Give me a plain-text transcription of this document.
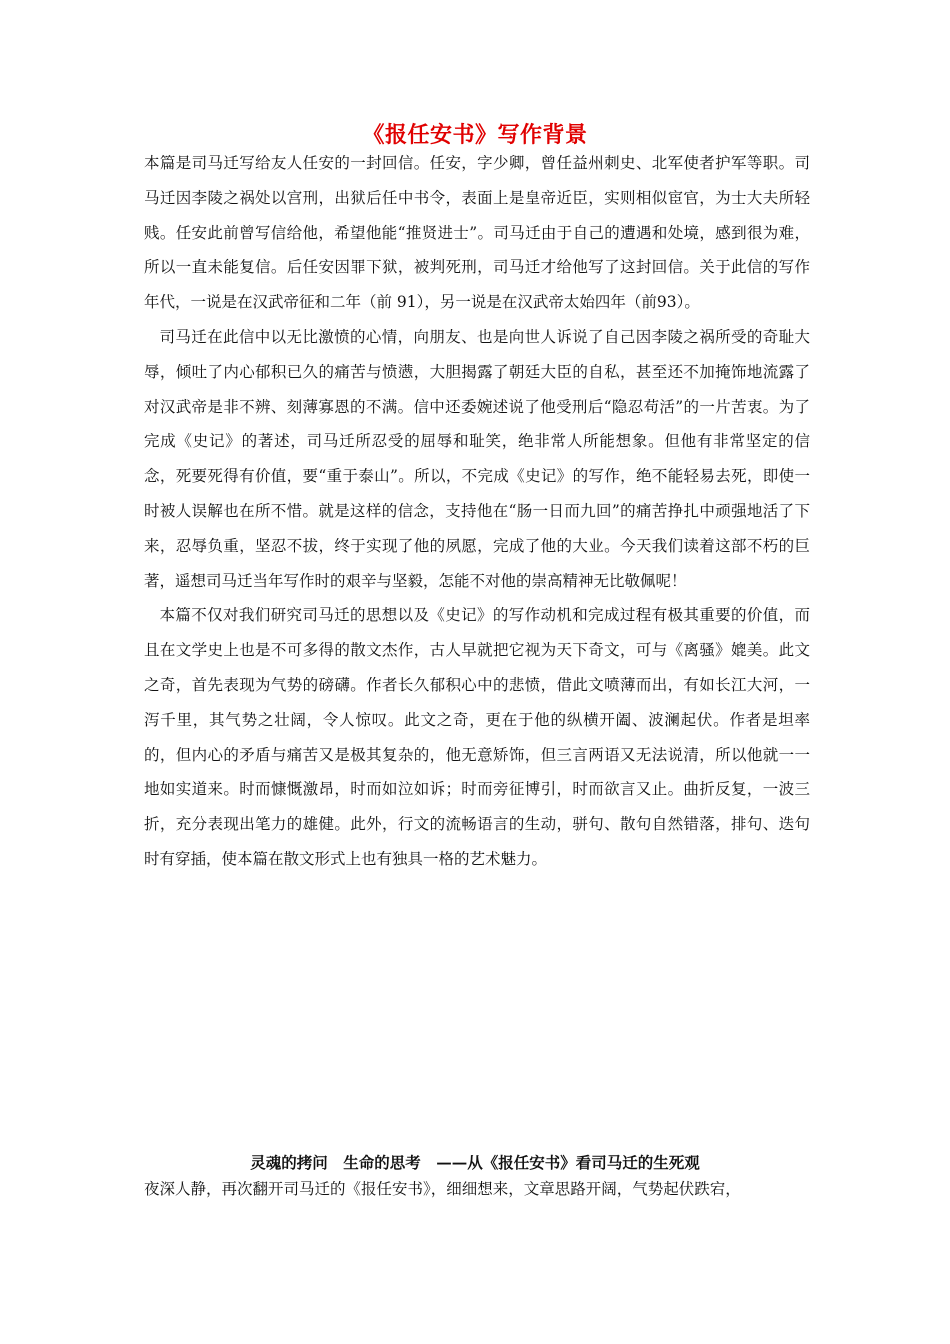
《报任安书》写作背景

本篇是司马迁写给友人任安的一封回信。任安，字少卿，曾任益州刺史、北军使者护军等职。司马迁因李陵之祸处以宫刑，出狱后任中书令，表面上是皇帝近臣，实则相似宦官，为士大夫所轻贱。任安此前曾写信给他，希望他能“推贤进士”。司马迁由于自己的遭遇和处境，感到很为难，所以一直未能复信。后任安因罪下狱，被判死刑，司马迁才给他写了这封回信。关于此信的写作年代，一说是在汉武帝征和二年（前 91），另一说是在汉武帝太始四年（前93）。

司马迁在此信中以无比激愤的心情，向朋友、也是向世人诉说了自己因李陵之祸所受的奇耻大辱，倾吐了内心郁积已久的痛苦与愤懑，大胆揭露了朝廷大臣的自私，甚至还不加掩饰地流露了对汉武帝是非不辨、刻薄寡恩的不满。信中还委婉述说了他受刑后“隐忍苟活”的一片苦衷。为了完成《史记》的著述，司马迁所忍受的屈辱和耻笑，绝非常人所能想象。但他有非常坚定的信念，死要死得有价值，要“重于泰山”。所以，不完成《史记》的写作，绝不能轻易去死，即使一时被人误解也在所不惜。就是这样的信念，支持他在“肠一日而九回”的痛苦挣扎中顽强地活了下来，忍辱负重，坚忍不拔，终于实现了他的夙愿，完成了他的大业。今天我们读着这部不朽的巨著，遥想司马迁当年写作时的艰辛与坚毅，怎能不对他的崇高精神无比敬佩呢！

本篇不仅对我们研究司马迁的思想以及《史记》的写作动机和完成过程有极其重要的价值，而且在文学史上也是不可多得的散文杰作，古人早就把它视为天下奇文，可与《离骚》媲美。此文之奇，首先表现为气势的磅礴。作者长久郁积心中的悲愤，借此文喷薄而出，有如长江大河，一泻千里，其气势之壮阔，令人惊叹。此文之奇，更在于他的纵横开阖、波澜起伏。作者是坦率的，但内心的矛盾与痛苦又是极其复杂的，他无意矫饰，但三言两语又无法说清，所以他就一一地如实道来。时而慷慨激昂，时而如泣如诉；时而旁征博引，时而欲言又止。曲折反复，一波三折，充分表现出笔力的雄健。此外，行文的流畅语言的生动，骈句、散句自然错落，排句、迭句时有穿插，使本篇在散文形式上也有独具一格的艺术魅力。

灵魂的拷问　生命的思考　——从《报任安书》看司马迁的生死观
夜深人静，再次翻开司马迁的《报任安书》，细细想来，文章思路开阔，气势起伏跌宕，
